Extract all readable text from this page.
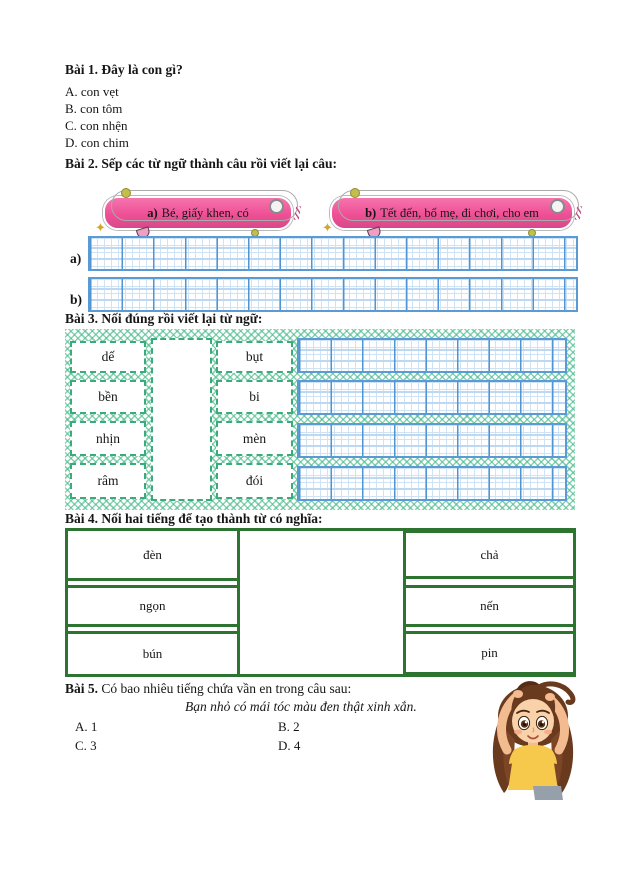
Bài 1. Đây là con gì?
A. con vẹt
B. con tôm
C. con nhện
D. con chim
Bài 2. Sếp các từ ngữ thành câu rồi viết lại câu:
✦
a) Bé, giấy khen, có
✦
b) Tết đến, bố mẹ, đi chơi, cho em
a)
b)
Bài 3. Nối đúng rồi viết lại từ ngữ:
dế
bền
nhịn
râm
bụt
bi
mèn
đói
Bài 4. Nối hai tiếng để tạo thành từ có nghĩa:
đèn
ngọn
bún
chả
nến
pin
Bài 5. Có bao nhiêu tiếng chứa vần en trong câu sau:
Bạn nhỏ có mái tóc màu đen thật xinh xắn.
A. 1	B. 2
C. 3	D. 4
